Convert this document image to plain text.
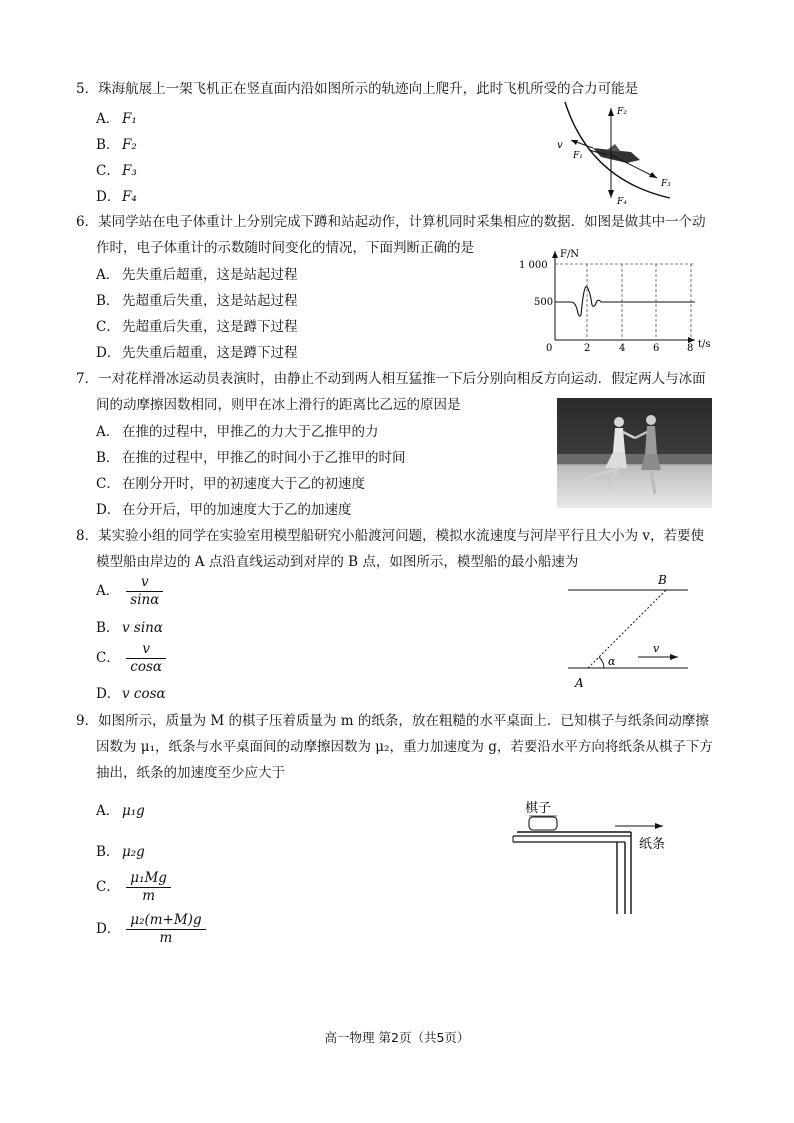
5．珠海航展上一架飞机正在竖直面内沿如图所示的轨迹向上爬升，此时飞机所受的合力可能是
A． F₁
B． F₂
C． F₃
D． F₄
v
F₁
F₂
F₃
F₄
6．某同学站在电子体重计上分别完成下蹲和站起动作，计算机同时采集相应的数据．如图是做其中一个动
作时，电子体重计的示数随时间变化的情况，下面判断正确的是
A． 先失重后超重，这是站起过程
B． 先超重后失重，这是站起过程
C． 先超重后失重，这是蹲下过程
D． 先失重后超重，这是蹲下过程
F/N
t/s
1 000
500
0	2	4	6	8
7．一对花样滑冰运动员表演时，由静止不动到两人相互猛推一下后分别向相反方向运动．假定两人与冰面
间的动摩擦因数相同，则甲在冰上滑行的距离比乙远的原因是
A． 在推的过程中，甲推乙的力大于乙推甲的力
B． 在推的过程中，甲推乙的时间小于乙推甲的时间
C． 在刚分开时，甲的初速度大于乙的初速度
D． 在分开后，甲的加速度大于乙的加速度
8．某实验小组的同学在实验室用模型船研究小船渡河问题，模拟水流速度与河岸平行且大小为 v，若要使
模型船由岸边的 A 点沿直线运动到对岸的 B 点，如图所示，模型船的最小船速为
A． $\frac{v}{\sin\alpha}$
B． v sinα
C． $\frac{v}{\cos\alpha}$
D． v cosα
α
A
B
v
9．如图所示，质量为 M 的棋子压着质量为 m 的纸条，放在粗糙的水平桌面上．已知棋子与纸条间动摩擦
因数为 μ₁，纸条与水平桌面间的动摩擦因数为 μ₂，重力加速度为 g，若要沿水平方向将纸条从棋子下方
抽出，纸条的加速度至少应大于
A． μ₁g
B． μ₂g
C． $\frac{\text{μ₁Mg}}{m}$
D． $\frac{\text{μ₂(m+M)g}}{m}$
棋子
纸条
高一物理 第2页（共5页）
